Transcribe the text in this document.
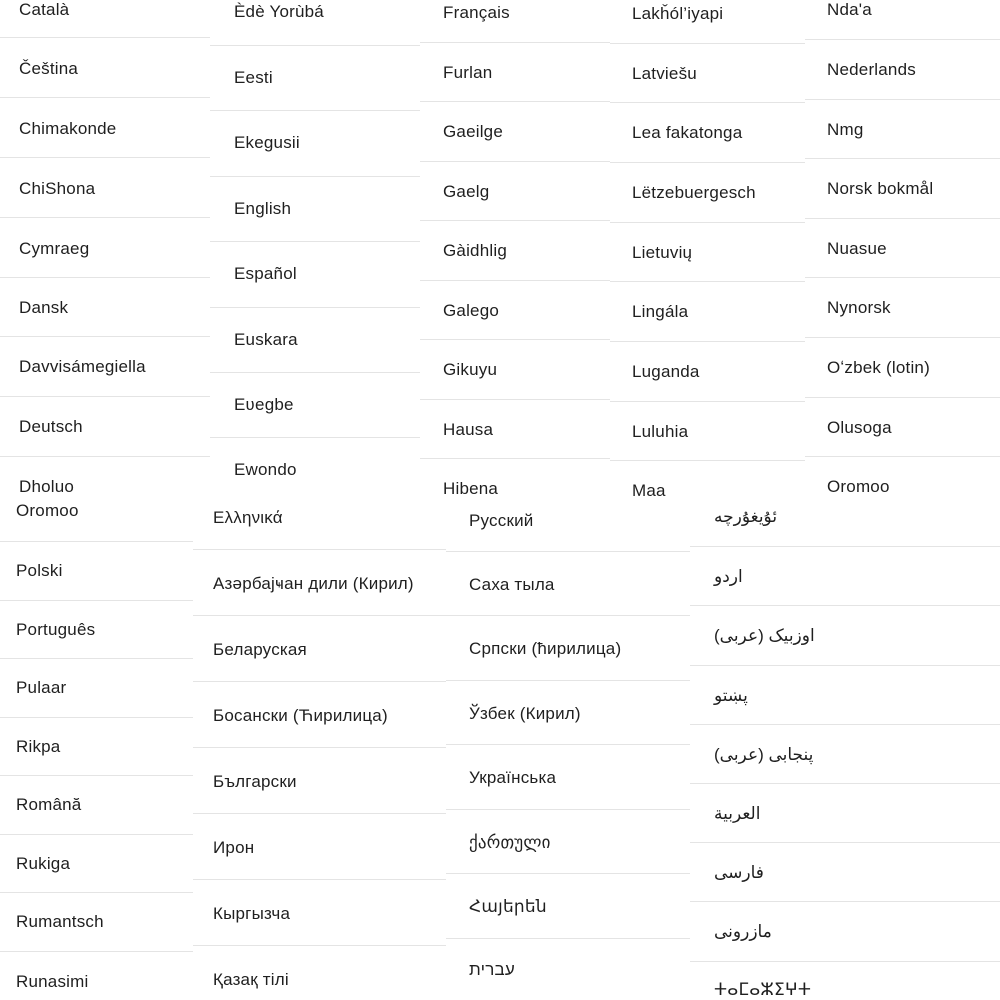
Català
Čeština
Chimakonde
ChiShona
Cymraeg
Dansk
Davvisámegiella
Deutsch
Dholuo
Èdè Yorùbá
Eesti
Ekegusii
English
Español
Euskara
Eʋegbe
Ewondo
Français
Furlan
Gaeilge
Gaelg
Gàidhlig
Galego
Gikuyu
Hausa
Hibena
Lakȟól’iyapi
Latviešu
Lea fakatonga
Lëtzebuergesch
Lietuvių
Lingála
Luganda
Luluhia
Maa
Nda'a
Nederlands
Nmg
Norsk bokmål
Nuasue
Nynorsk
Oʻzbek (lotin)
Olusoga
Oromoo
Oromoo
Polski
Português
Pulaar
Rikpa
Română
Rukiga
Rumantsch
Runasimi
Ελληνικά
Азәрбајҹан дили (Кирил)
Беларуская
Босански (Ћирилица)
Български
Ирон
Кыргызча
Қазақ тілі
Русский
Саха тыла
Српски (ћирилица)
Ўзбек (Кирил)
Українська
ქართული
Հայերեն
עברית
ئۇيغۇرچە
اردو
اوزبیک (عربی)
پښتو
پنجابی (عربی)
العربية
فارسی
مازرونی
ⵜⴰⵎⴰⵣⵉⵖⵜ
